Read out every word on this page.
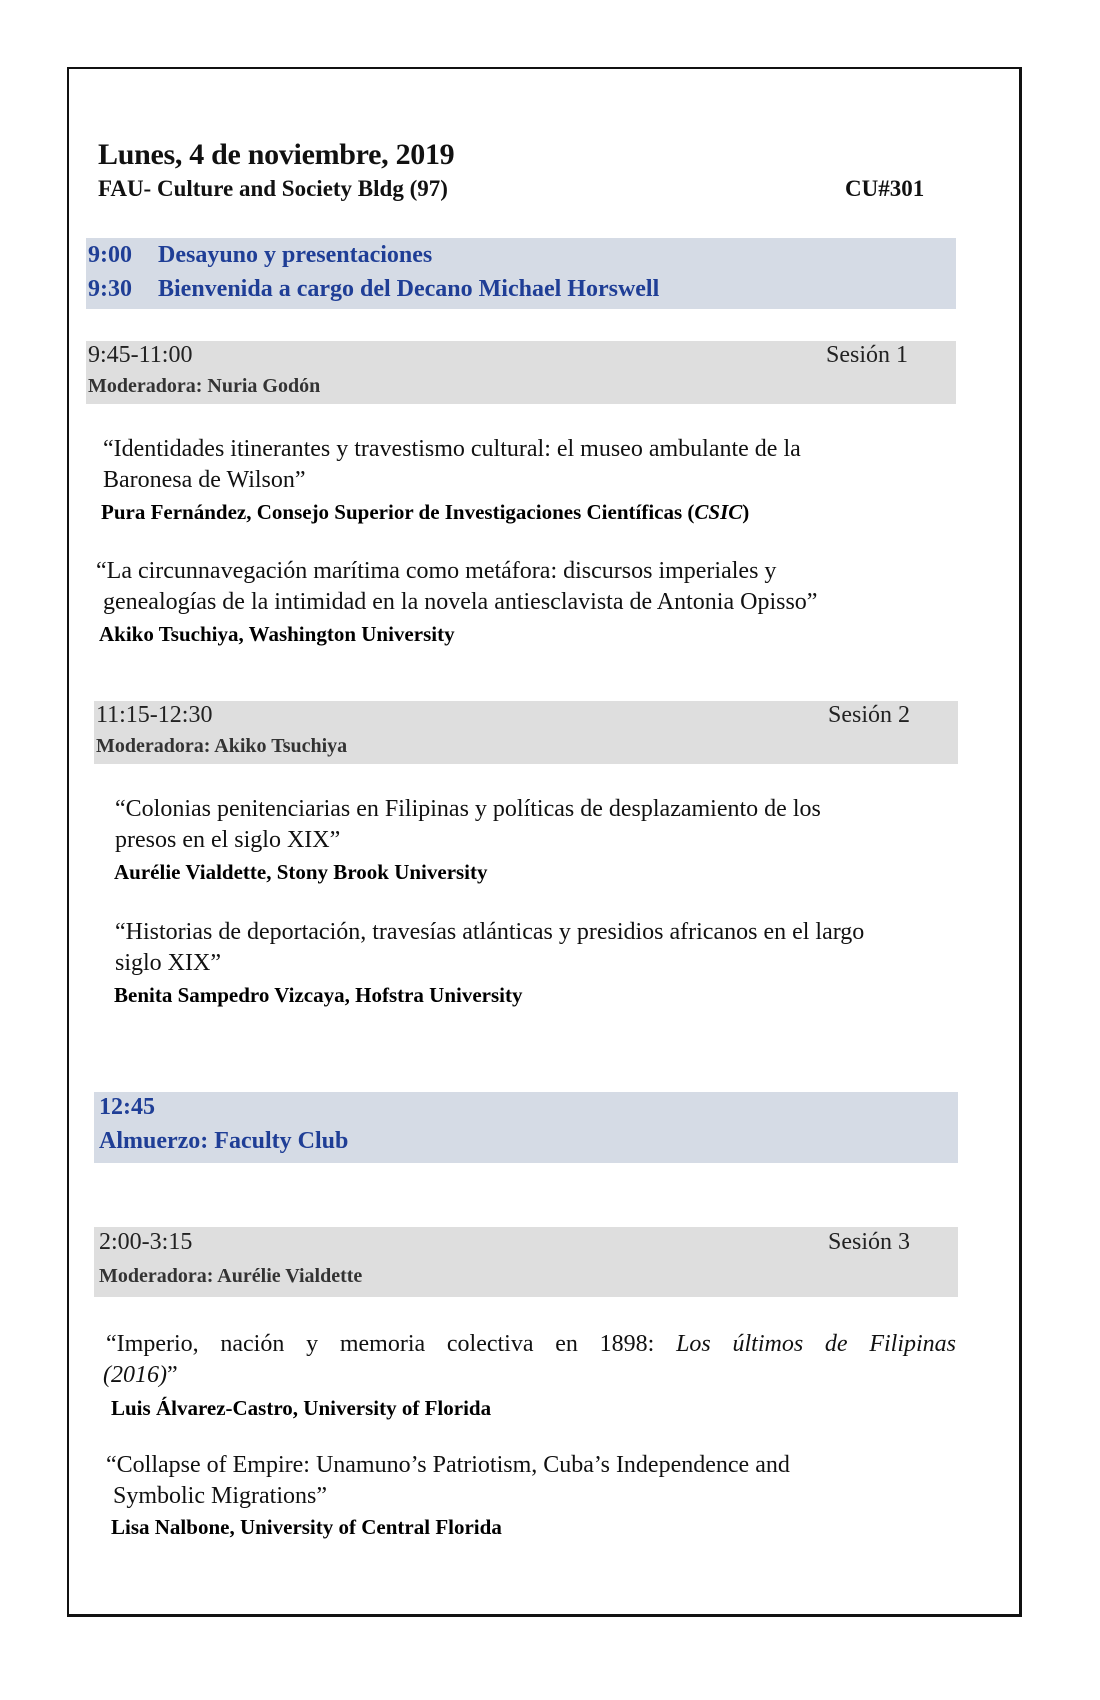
Lunes, 4 de noviembre, 2019
FAU- Culture and Society Bldg (97)	CU#301
9:00 Desayuno y presentaciones
9:30 Bienvenida a cargo del Decano Michael Horswell
9:45-11:00	Sesión 1
Moderadora: Nuria Godón
“Identidades itinerantes y travestismo cultural: el museo ambulante de la
Baronesa de Wilson”
Pura Fernández, Consejo Superior de Investigaciones Científicas (CSIC)
“La circunnavegación marítima como metáfora: discursos imperiales y
genealogías de la intimidad en la novela antiesclavista de Antonia Opisso”
Akiko Tsuchiya, Washington University
11:15-12:30	Sesión 2
Moderadora: Akiko Tsuchiya
“Colonias penitenciarias en Filipinas y políticas de desplazamiento de los
presos en el siglo XIX”
Aurélie Vialdette, Stony Brook University
“Historias de deportación, travesías atlánticas y presidios africanos en el largo
siglo XIX”
Benita Sampedro Vizcaya, Hofstra University
12:45
Almuerzo: Faculty Club
2:00-3:15	Sesión 3
Moderadora: Aurélie Vialdette
“Imperio, nación y memoria colectiva en 1898: Los últimos de Filipinas
(2016)”
Luis Álvarez-Castro, University of Florida
“Collapse of Empire: Unamuno’s Patriotism, Cuba’s Independence and
Symbolic Migrations”
Lisa Nalbone, University of Central Florida
